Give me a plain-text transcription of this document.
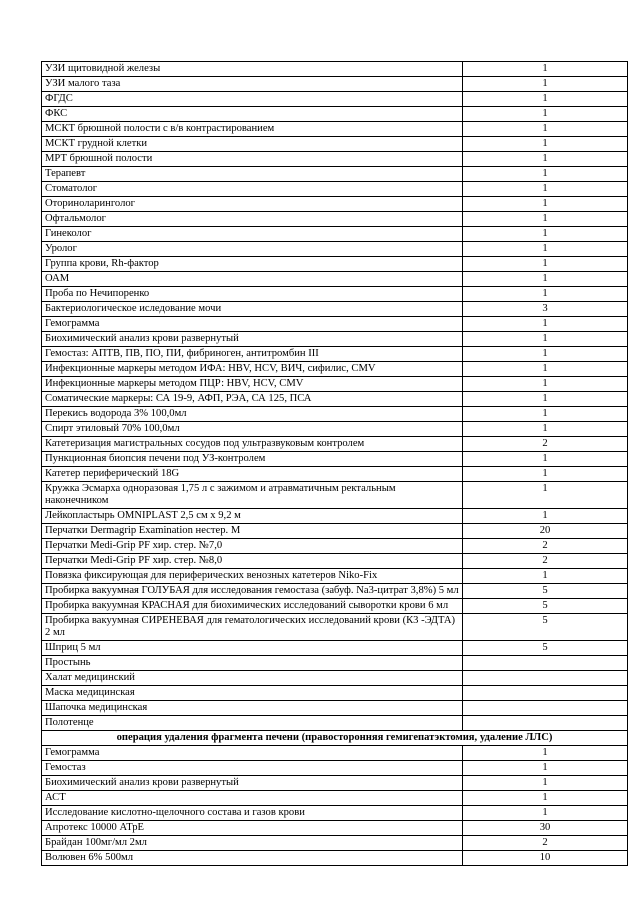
УЗИ щитовидной железы	1
УЗИ малого таза	1
ФГДС	1
ФКС	1
МСКТ брюшной полости с в/в контрастированием	1
МСКТ грудной клетки	1
МРТ брюшной полости	1
Терапевт	1
Стоматолог	1
Оториноларинголог	1
Офтальмолог	1
Гинеколог	1
Уролог	1
Группа крови, Rh-фактор	1
ОАМ	1
Проба по Нечипоренко	1
Бактериологическое иследование мочи	3
Гемограмма	1
Биохимический анализ крови развернутый	1
Гемостаз: АПТВ, ПВ, ПО, ПИ, фибриноген, антитромбин III	1
Инфекционные маркеры методом ИФА: HBV, HCV, ВИЧ, сифилис, CMV	1
Инфекционные маркеры методом ПЦР: HBV, HCV, CMV	1
Соматические маркеры: СА 19-9, АФП, РЭА, СА 125, ПСА	1
Перекись водорода 3% 100,0мл	1
Спирт этиловый 70% 100,0мл	1
Катетеризация магистральных сосудов под ультразвуковым контролем	2
Пункционная биопсия печени под УЗ-контролем	1
Катетер периферический 18G	1
Кружка Эсмарха одноразовая 1,75 л с зажимом и атравматичным ректальным наконечником	1
Лейкопластырь OMNIPLAST 2,5 см х 9,2 м	1
Перчатки Dermagrip Examination нестер. M	20
Перчатки Medi-Grip PF хир. стер. №7,0	2
Перчатки Medi-Grip PF хир. стер. №8,0	2
Повязка фиксирующая для периферических венозных катетеров Niko-Fix	1
Пробирка вакуумная ГОЛУБАЯ для исследования гемостаза (забуф. Na3-цитрат 3,8%) 5 мл	5
Пробирка вакуумная КРАСНАЯ для биохимических исследований сыворотки крови 6 мл	5
Пробирка вакуумная СИРЕНЕВАЯ для гематологических исследований крови (К3 -ЭДТА) 2 мл	5
Шприц 5 мл	5
Простынь	
Халат медицинский	
Маска медицинская	
Шапочка медицинская	
Полотенце	
операция удаления фрагмента печени (правосторонняя гемигепатэктомия, удаление ЛЛС)	
Гемограмма	1
Гемостаз	1
Биохимический анализ крови развернутый	1
АСТ	1
Исследование кислотно-щелочного состава и газов крови	1
Апротекс 10000 АТрЕ	30
Брайдан 100мг/мл 2мл	2
Волювен 6% 500мл	10
